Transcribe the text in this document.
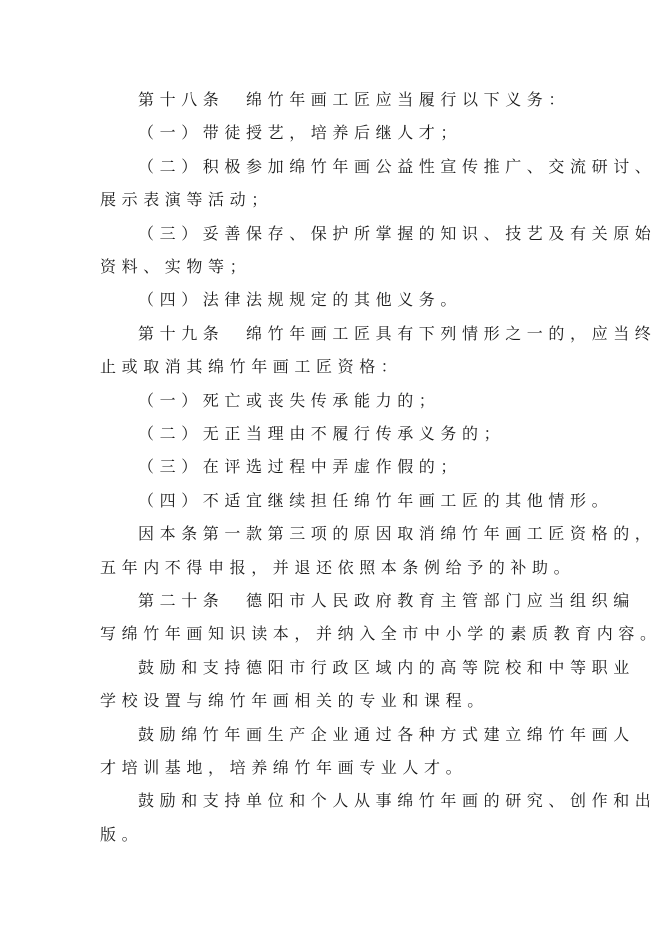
第十八条　绵竹年画工匠应当履行以下义务：
（一）带徒授艺，培养后继人才；
（二）积极参加绵竹年画公益性宣传推广、交流研讨、
展示表演等活动；
（三）妥善保存、保护所掌握的知识、技艺及有关原始
资料、实物等；
（四）法律法规规定的其他义务。
第十九条　绵竹年画工匠具有下列情形之一的，应当终
止或取消其绵竹年画工匠资格：
（一）死亡或丧失传承能力的；
（二）无正当理由不履行传承义务的；
（三）在评选过程中弄虚作假的；
（四）不适宜继续担任绵竹年画工匠的其他情形。
因本条第一款第三项的原因取消绵竹年画工匠资格的，
五年内不得申报，并退还依照本条例给予的补助。
第二十条　德阳市人民政府教育主管部门应当组织编
写绵竹年画知识读本，并纳入全市中小学的素质教育内容。
鼓励和支持德阳市行政区域内的高等院校和中等职业
学校设置与绵竹年画相关的专业和课程。
鼓励绵竹年画生产企业通过各种方式建立绵竹年画人
才培训基地，培养绵竹年画专业人才。
鼓励和支持单位和个人从事绵竹年画的研究、创作和出
版。
